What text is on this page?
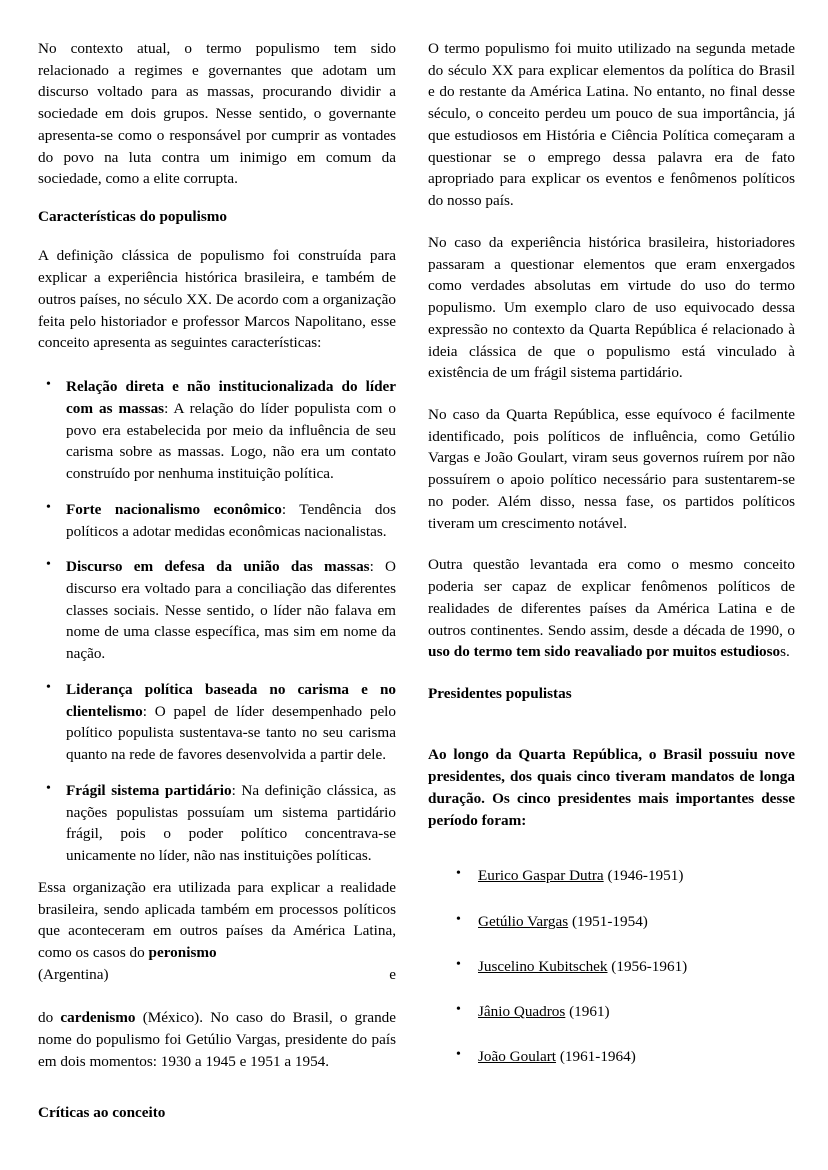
No contexto atual, o termo populismo tem sido relacionado a regimes e governantes que adotam um discurso voltado para as massas, procurando dividir a sociedade em dois grupos. Nesse sentido, o governante apresenta-se como o responsável por cumprir as vontades do povo na luta contra um inimigo em comum da sociedade, como a elite corrupta.

Características do populismo

A definição clássica de populismo foi construída para explicar a experiência histórica brasileira, e também de outros países, no século XX. De acordo com a organização feita pelo historiador e professor Marcos Napolitano, esse conceito apresenta as seguintes características:

• Relação direta e não institucionalizada do líder com as massas: A relação do líder populista com o povo era estabelecida por meio da influência de seu carisma sobre as massas. Logo, não era um contato construído por nenhuma instituição política.
• Forte nacionalismo econômico: Tendência dos políticos a adotar medidas econômicas nacionalistas.
• Discurso em defesa da união das massas: O discurso era voltado para a conciliação das diferentes classes sociais. Nesse sentido, o líder não falava em nome de uma classe específica, mas sim em nome da nação.
• Liderança política baseada no carisma e no clientelismo: O papel de líder desempenhado pelo político populista sustentava-se tanto no seu carisma quanto na rede de favores desenvolvida a partir dele.
• Frágil sistema partidário: Na definição clássica, as nações populistas possuíam um sistema partidário frágil, pois o poder político concentrava-se unicamente no líder, não nas instituições políticas.

Essa organização era utilizada para explicar a realidade brasileira, sendo aplicada também em processos políticos que aconteceram em outros países da América Latina, como os casos do peronismo
(Argentina)	e
do cardenismo (México). No caso do Brasil, o grande nome do populismo foi Getúlio Vargas, presidente do país em dois momentos: 1930 a 1945 e 1951 a 1954.

Críticas ao conceito

O termo populismo foi muito utilizado na segunda metade do século XX para explicar elementos da política do Brasil e do restante da América Latina. No entanto, no final desse século, o conceito perdeu um pouco de sua importância, já que estudiosos em História e Ciência Política começaram a questionar se o emprego dessa palavra era de fato apropriado para explicar os eventos e fenômenos políticos do nosso país.

No caso da experiência histórica brasileira, historiadores passaram a questionar elementos que eram enxergados como verdades absolutas em virtude do uso do termo populismo. Um exemplo claro de uso equivocado dessa expressão no contexto da Quarta República é relacionado à ideia clássica de que o populismo está vinculado à existência de um frágil sistema partidário.

No caso da Quarta República, esse equívoco é facilmente identificado, pois políticos de influência, como Getúlio Vargas e João Goulart, viram seus governos ruírem por não possuírem o apoio político necessário para sustentarem-se no poder. Além disso, nessa fase, os partidos políticos tiveram um crescimento notável.

Outra questão levantada era como o mesmo conceito poderia ser capaz de explicar fenômenos políticos de realidades de diferentes países da América Latina e de outros continentes. Sendo assim, desde a década de 1990, o uso do termo tem sido reavaliado por muitos estudiosos.

Presidentes populistas

Ao longo da Quarta República, o Brasil possuiu nove presidentes, dos quais cinco tiveram mandatos de longa duração. Os cinco presidentes mais importantes desse período foram:

• Eurico Gaspar Dutra (1946-1951)
• Getúlio Vargas (1951-1954)
• Juscelino Kubitschek (1956-1961)
• Jânio Quadros (1961)
• João Goulart (1961-1964)
